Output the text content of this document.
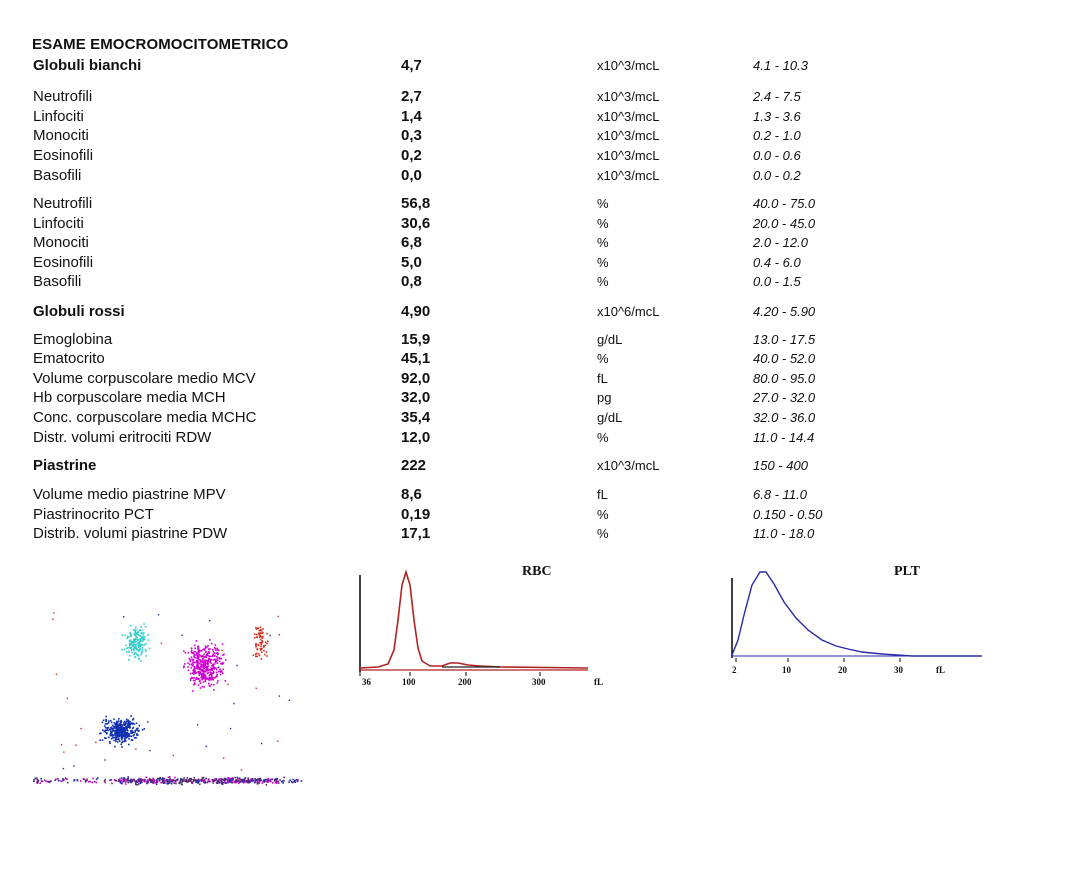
ESAME EMOCROMOCITOMETRICO
Globuli bianchi	4,7	x10^3/mcL	4.1 - 10.3
Neutrofili	2,7	x10^3/mcL	2.4 - 7.5
Linfociti	1,4	x10^3/mcL	1.3 - 3.6
Monociti	0,3	x10^3/mcL	0.2 - 1.0
Eosinofili	0,2	x10^3/mcL	0.0 - 0.6
Basofili	0,0	x10^3/mcL	0.0 - 0.2
Neutrofili	56,8	%	40.0 - 75.0
Linfociti	30,6	%	20.0 - 45.0
Monociti	6,8	%	2.0 - 12.0
Eosinofili	5,0	%	0.4 - 6.0
Basofili	0,8	%	0.0 - 1.5
Globuli rossi	4,90	x10^6/mcL	4.20 - 5.90
Emoglobina	15,9	g/dL	13.0 - 17.5
Ematocrito	45,1	%	40.0 - 52.0
Volume corpuscolare medio MCV	92,0	fL	80.0 - 95.0
Hb corpuscolare media MCH	32,0	pg	27.0 - 32.0
Conc. corpuscolare media MCHC	35,4	g/dL	32.0 - 36.0
Distr. volumi eritrociti RDW	12,0	%	11.0 - 14.4
Piastrine	222	x10^3/mcL	150 - 400
Volume medio piastrine MPV	8,6	fL	6.8 - 11.0
Piastrinocrito PCT	0,19	%	0.150 - 0.50
Distrib. volumi piastrine PDW	17,1	%	11.0 - 18.0
RBC
36	100	200	300	fL
PLT
2	10	20	30	fL
